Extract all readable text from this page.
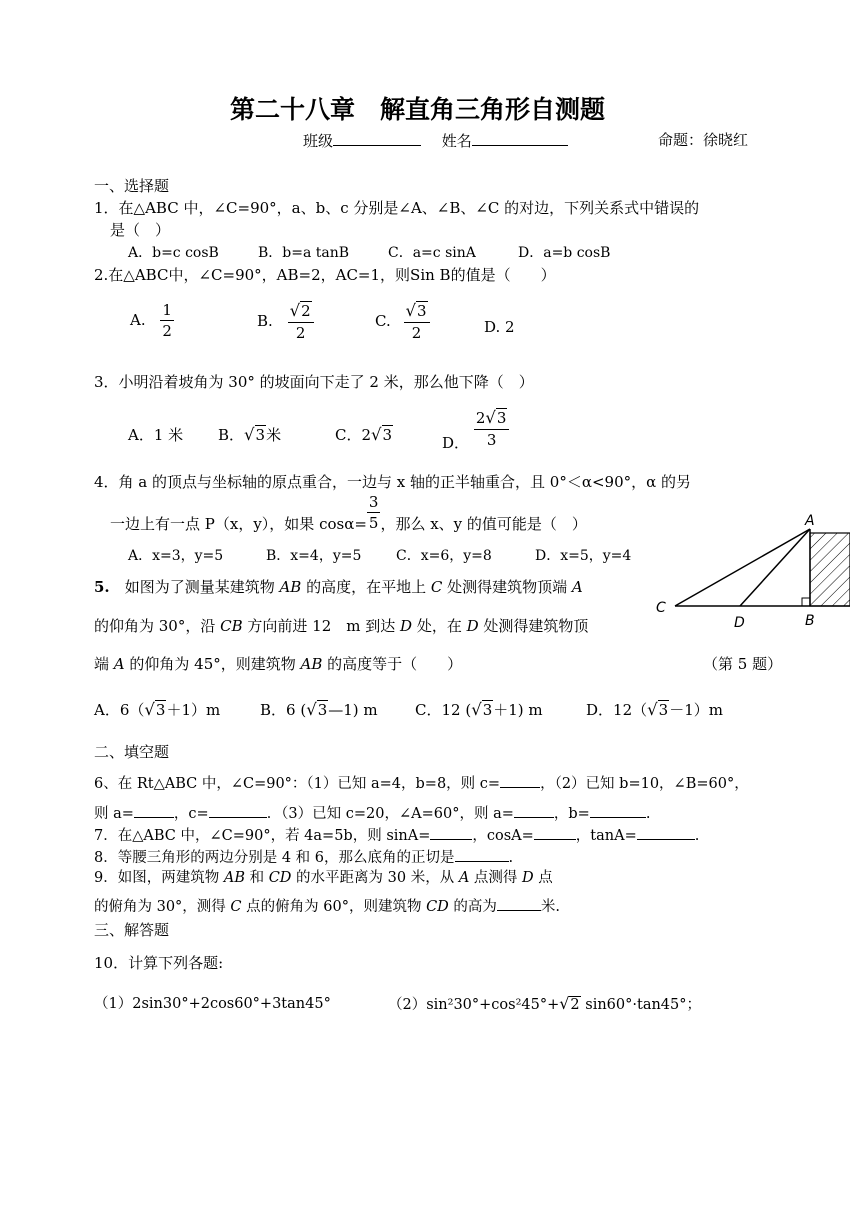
第二十八章　解直角三角形自测题
班级	姓名	命题：徐晓红
一、选择题
1．在△ABC 中，∠C=90°，a、b、c 分别是∠A、∠B、∠C 的对边，下列关系式中错误的
是（　）
A．b=c cosB	B．b=a tanB	C．a=c sinA	D．a=b cosB
2.在△ABC中，∠C=90°，AB=2，AC=1，则Sin B的值是（　　）
A. $\frac{1}{2}$	B. $\frac{√2}{2}$	C. $\frac{√3}{2}$	D. 2
3．小明沿着坡角为 30° 的坡面向下走了 2 米，那么他下降（　）
A．1 米 B．√3米	C．2√3	D． $\frac{2√3}{3}$
4．角 a 的顶点与坐标轴的原点重合，一边与 x 轴的正半轴重合，且 0°＜α<90°，α 的另
一边上有一点 P（x，y），如果 $\cos\alpha= \frac{3}{5}$ ，那么 x、y 的值可能是（　）
A．x=3，y=5	B．x=4，y=5 C．x=6，y=8	D．x=5，y=4
5.　 如图为了测量某建筑物 AB 的高度，在平地上 C 处测得建筑物顶端 A
的仰角为 30°，沿 CB 方向前进 12　m 到达 D 处，在 D 处测得建筑物顶
端 A 的仰角为 45°，则建筑物 AB 的高度等于（　　）	（第 5 题）
A
B
C
D
A．6（√3＋1）m	B．6 (√3—1) m C．12 (√3＋1) m	D．12（√3－1）m
二、填空题
6、在 Rt△ABC 中，∠C=90°：（1）已知 a=4，b=8，则 c=	，（2）已知 b=10，∠B=60°，
则 a=	，c=	．（3）已知 c=20，∠A=60°，则 a=	，b=	.
7．在△ABC 中，∠C=90°，若 4a=5b，则 sinA=	，cosA=	，tanA=	.
8．等腰三角形的两边分别是 4 和 6，那么底角的正切是	.
9．如图，两建筑物 AB 和 CD 的水平距离为 30 米，从 A 点测得 D 点
的俯角为 30°，测得 C 点的俯角为 60°，则建筑物 CD 的高为	米.
三、解答题
10．计算下列各题:
（1）2sin30°+2cos60°+3tan45°	（2）sin²30°+cos²45°+√2 sin60°·tan45°；
